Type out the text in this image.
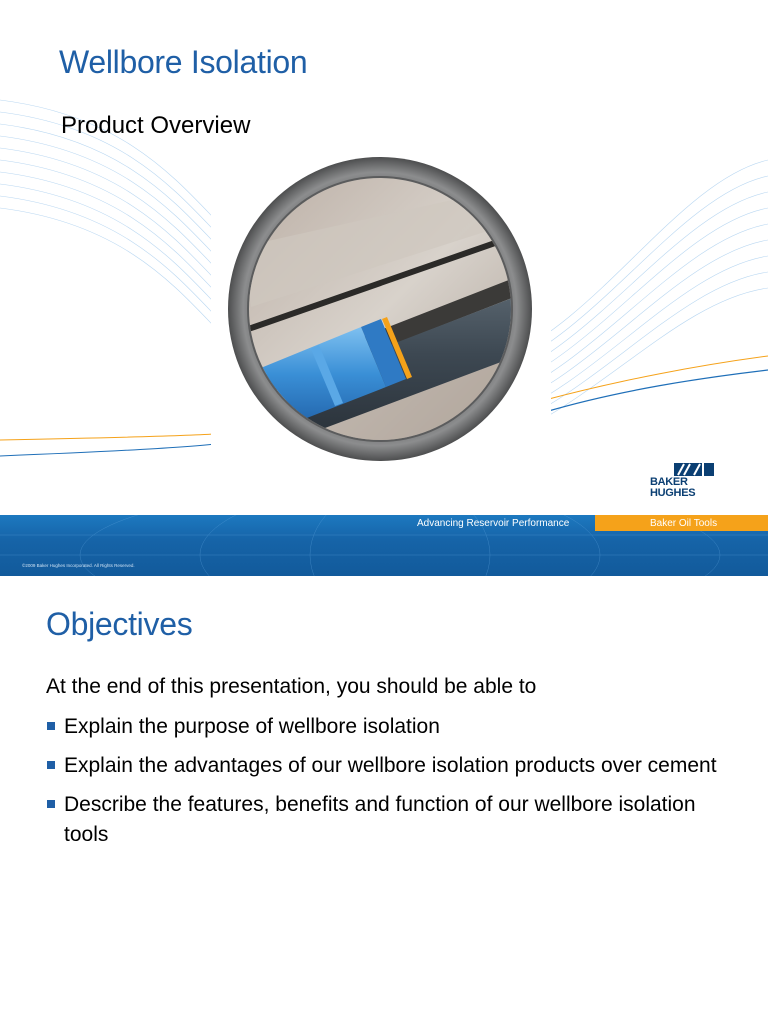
Wellbore Isolation
Product Overview
BAKER
HUGHES
Advancing Reservoir Performance	Baker Oil Tools
©2009 Baker Hughes Incorporated. All Rights Reserved.
Objectives
At the end of this presentation, you should be able to
Explain the purpose of wellbore isolation
Explain the advantages of our wellbore isolation products over cement
Describe the features, benefits and function of our wellbore isolation tools
